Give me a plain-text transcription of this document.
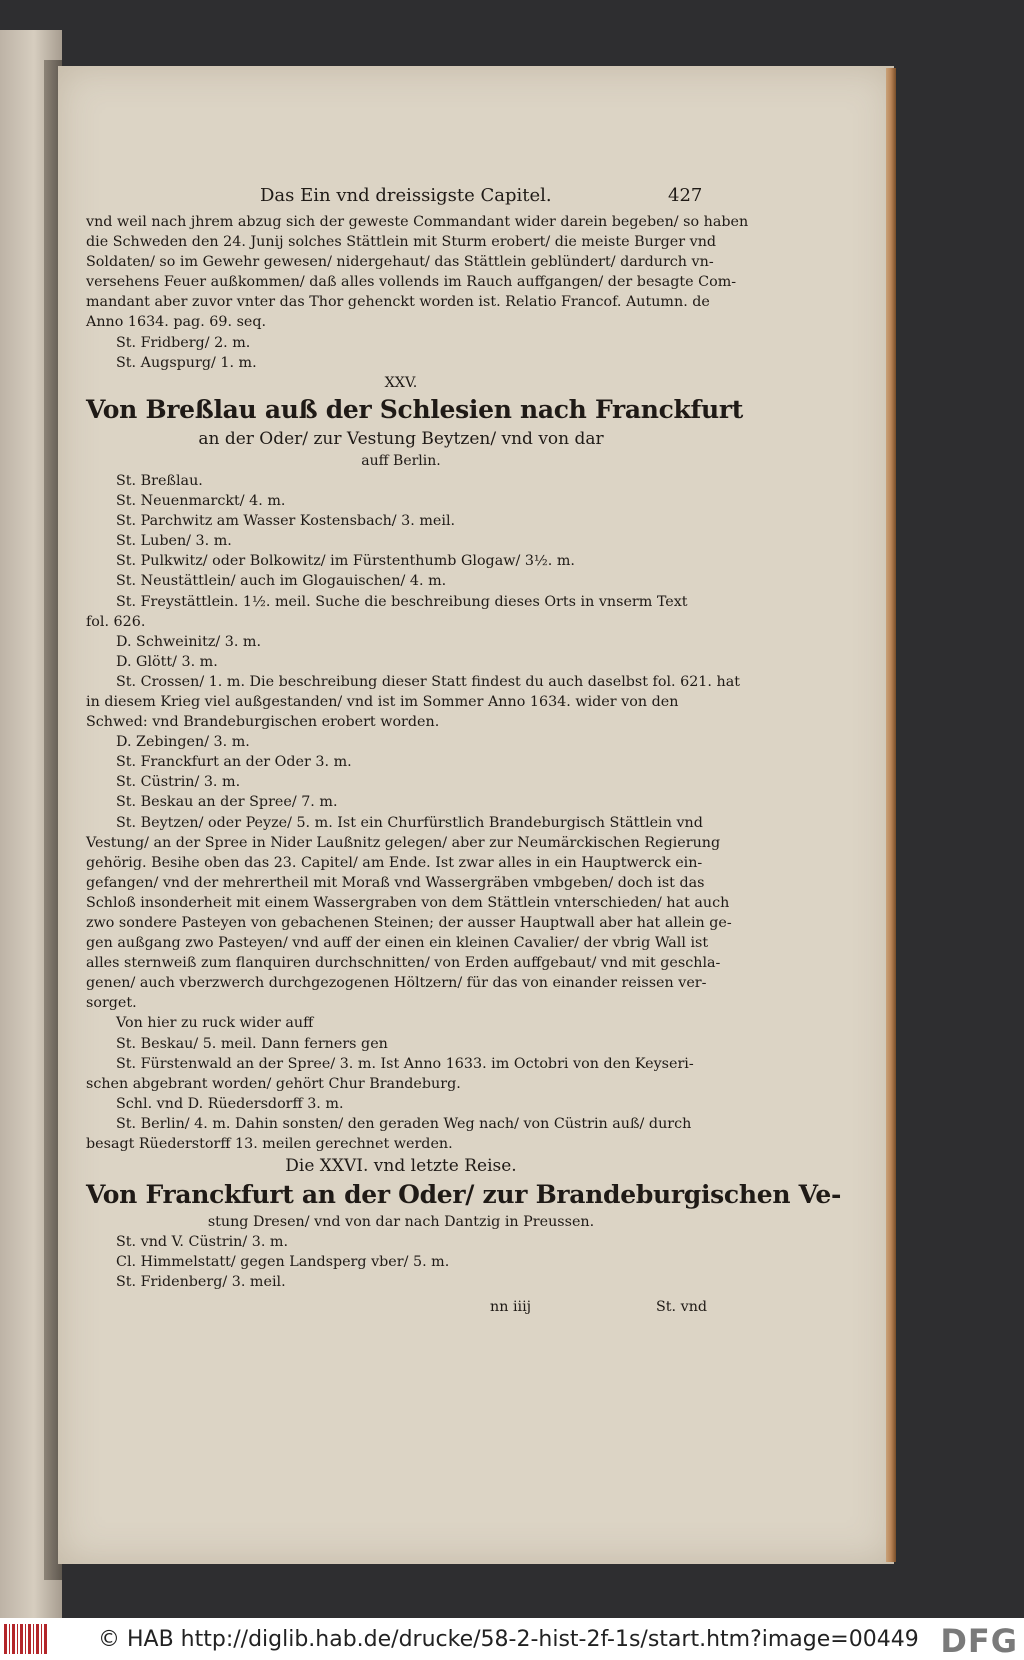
Das Ein vnd dreissigste Capitel.	427

vnd weil nach jhrem abzug sich der geweste Commandant wider darein begeben/ so haben

die Schweden den 24. Junij solches Stättlein mit Sturm erobert/ die meiste Burger vnd

Soldaten/ so im Gewehr gewesen/ nidergehaut/ das Stättlein geblündert/ dardurch vn-

versehens Feuer außkommen/ daß alles vollends im Rauch auffgangen/ der besagte Com-

mandant aber zuvor vnter das Thor gehenckt worden ist. Relatio Francof. Autumn. de

Anno 1634. pag. 69. seq.

St. Fridberg/ 2. m.

St. Augspurg/ 1. m.

XXV.

Von Breßlau auß der Schlesien nach Franckfurt

an der Oder/ zur Vestung Beytzen/ vnd von dar

auff Berlin.

St. Breßlau.

St. Neuenmarckt/ 4. m.

St. Parchwitz am Wasser Kostensbach/ 3. meil.

St. Luben/ 3. m.

St. Pulkwitz/ oder Bolkowitz/ im Fürstenthumb Glogaw/ 3½. m.

St. Neustättlein/ auch im Glogauischen/ 4. m.

St. Freystättlein. 1½. meil. Suche die beschreibung dieses Orts in vnserm Text

fol. 626.

D. Schweinitz/ 3. m.

D. Glött/ 3. m.

St. Crossen/ 1. m. Die beschreibung dieser Statt findest du auch daselbst fol. 621. hat

in diesem Krieg viel außgestanden/ vnd ist im Sommer Anno 1634. wider von den

Schwed: vnd Brandeburgischen erobert worden.

D. Zebingen/ 3. m.

St. Franckfurt an der Oder 3. m.

St. Cüstrin/ 3. m.

St. Beskau an der Spree/ 7. m.

St. Beytzen/ oder Peyze/ 5. m. Ist ein Churfürstlich Brandeburgisch Stättlein vnd

Vestung/ an der Spree in Nider Laußnitz gelegen/ aber zur Neumärckischen Regierung

gehörig. Besihe oben das 23. Capitel/ am Ende. Ist zwar alles in ein Hauptwerck ein-

gefangen/ vnd der mehrertheil mit Moraß vnd Wassergräben vmbgeben/ doch ist das

Schloß insonderheit mit einem Wassergraben von dem Stättlein vnterschieden/ hat auch

zwo sondere Pasteyen von gebachenen Steinen; der ausser Hauptwall aber hat allein ge-

gen außgang zwo Pasteyen/ vnd auff der einen ein kleinen Cavalier/ der vbrig Wall ist

alles sternweiß zum flanquiren durchschnitten/ von Erden auffgebaut/ vnd mit geschla-

genen/ auch vberzwerch durchgezogenen Höltzern/ für das von einander reissen ver-

sorget.

Von hier zu ruck wider auff

St. Beskau/ 5. meil. Dann ferners gen

St. Fürstenwald an der Spree/ 3. m. Ist Anno 1633. im Octobri von den Keyseri-

schen abgebrant worden/ gehört Chur Brandeburg.

Schl. vnd D. Rüedersdorff 3. m.

St. Berlin/ 4. m. Dahin sonsten/ den geraden Weg nach/ von Cüstrin auß/ durch

besagt Rüederstorff 13. meilen gerechnet werden.

Die XXVI. vnd letzte Reise.

Von Franckfurt an der Oder/ zur Brandeburgischen Ve-

stung Dresen/ vnd von dar nach Dantzig in Preussen.

St. vnd V. Cüstrin/ 3. m.

Cl. Himmelstatt/ gegen Landsperg vber/ 5. m.

St. Fridenberg/ 3. meil.

nn iiij	St. vnd
© HAB http://diglib.hab.de/drucke/58-2-hist-2f-1s/start.htm?image=00449 DFG
